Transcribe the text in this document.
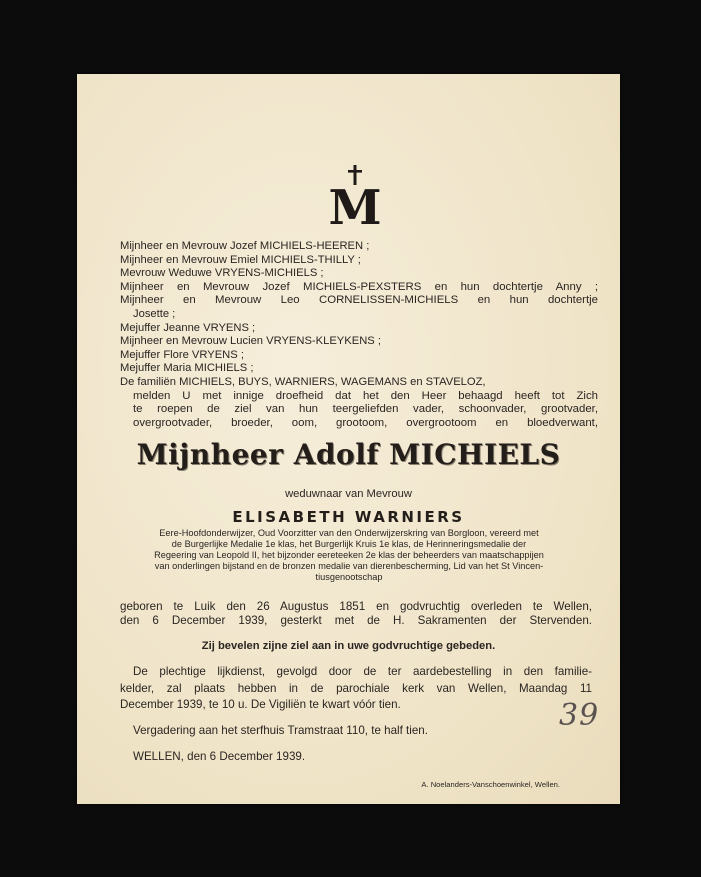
M
Mijnheer en Mevrouw Jozef MICHIELS-HEEREN ;
Mijnheer en Mevrouw Emiel MICHIELS-THILLY ;
Mevrouw Weduwe VRYENS-MICHIELS ;
Mijnheer en Mevrouw Jozef MICHIELS-PEXSTERS en hun dochtertje Anny ;
Mijnheer en Mevrouw Leo CORNELISSEN-MICHIELS en hun dochtertje
Josette ;
Mejuffer Jeanne VRYENS ;
Mijnheer en Mevrouw Lucien VRYENS-KLEYKENS ;
Mejuffer Flore VRYENS ;
Mejuffer Maria MICHIELS ;
De familiën MICHIELS, BUYS, WARNIERS, WAGEMANS en STAVELOZ,
melden U met innige droefheid dat het den Heer behaagd heeft tot Zich
te roepen de ziel van hun teergeliefden vader, schoonvader, grootvader,
overgrootvader, broeder, oom, grootoom, overgrootoom en bloedverwant,
Mijnheer Adolf MICHIELS
weduwnaar van Mevrouw
ELISABETH WARNIERS
Eere-Hoofdonderwijzer, Oud Voorzitter van den Onderwijzerskring van Borgloon, vereerd met
de Burgerlijke Medalie 1e klas, het Burgerlijk Kruis 1e klas, de Herinneringsmedalie der
Regeering van Leopold II, het bijzonder eereteeken 2e klas der beheerders van maatschappijen
van onderlingen bijstand en de bronzen medalie van dierenbescherming, Lid van het St Vincen-
tiusgenootschap
geboren te Luik den 26 Augustus 1851 en godvruchtig overleden te Wellen,
den 6 December 1939, gesterkt met de H. Sakramenten der Stervenden.
Zij bevelen zijne ziel aan in uwe godvruchtige gebeden.
De plechtige lijkdienst, gevolgd door de ter aardebestelling in den familie-
kelder, zal plaats hebben in de parochiale kerk van Wellen, Maandag 11
December 1939, te 10 u. De Vigiliën te kwart vóór tien.
Vergadering aan het sterfhuis Tramstraat 110, te half tien.
WELLEN, den 6 December 1939.
A. Noelanders-Vanschoenwinkel, Wellen.
39
